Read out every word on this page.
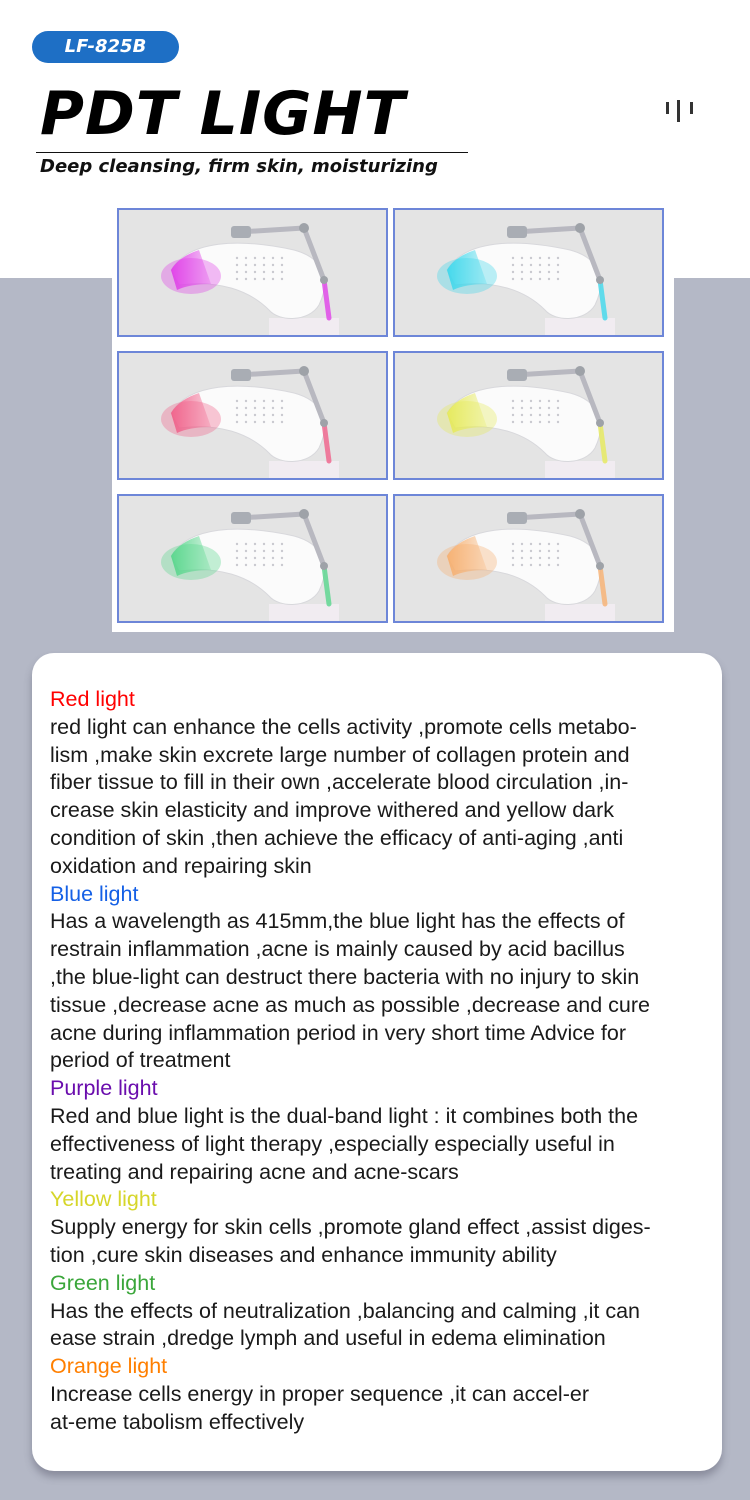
LF-825B
PDT LIGHT
Deep cleansing, firm skin, moisturizing
Red light
red light can enhance the cells activity ,promote cells metabo-
lism ,make skin excrete large number of collagen protein and
fiber tissue to fill in their own ,accelerate blood circulation ,in-
crease skin elasticity and improve withered and yellow dark
condition of skin ,then achieve the efficacy of anti-aging ,anti
oxidation and repairing skin
Blue light
Has a wavelength as 415mm,the blue light has the effects of
restrain inflammation ,acne is mainly caused by acid bacillus
,the blue-light can destruct there bacteria with no injury to skin
tissue ,decrease acne as much as possible ,decrease and cure
acne during inflammation period in very short time Advice for
period of treatment
Purple light
Red and blue light is the dual-band light : it combines both the
effectiveness of light therapy ,especially especially useful in
treating and repairing acne and acne-scars
Yellow light
Supply energy for skin cells ,promote gland effect ,assist diges-
tion ,cure skin diseases and enhance immunity ability
Green light
Has the effects of neutralization ,balancing and calming ,it can
ease strain ,dredge lymph and useful in edema elimination
Orange light
Increase cells energy in proper sequence ,it can accel-er
at-eme tabolism effectively
